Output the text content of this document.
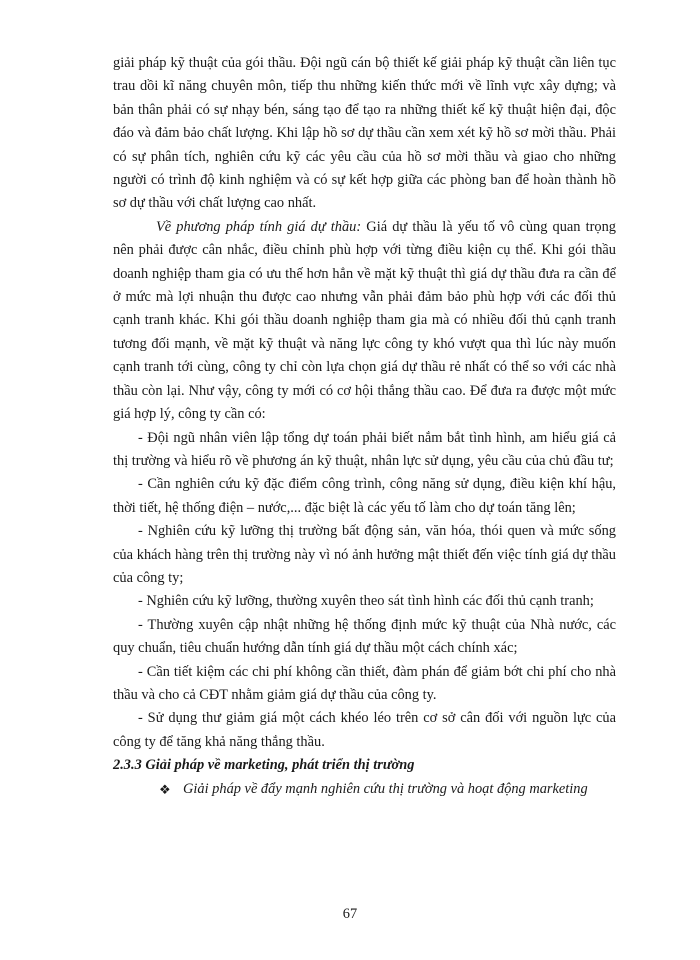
giải pháp kỹ thuật của gói thầu. Đội ngũ cán bộ thiết kế giải pháp kỹ thuật cần liên tục trau dồi kĩ năng chuyên môn, tiếp thu những kiến thức mới về lĩnh vực xây dựng; và bản thân phải có sự nhạy bén, sáng tạo để tạo ra những thiết kế kỹ thuật hiện đại, độc đáo và đảm bảo chất lượng. Khi lập hồ sơ dự thầu cần xem xét kỹ hồ sơ mời thầu. Phải có sự phân tích, nghiên cứu kỹ các yêu cầu của hồ sơ mời thầu và giao cho những người có trình độ kinh nghiệm và có sự kết hợp giữa các phòng ban để hoàn thành hồ sơ dự thầu với chất lượng cao nhất.

Về phương pháp tính giá dự thầu: Giá dự thầu là yếu tố vô cùng quan trọng nên phải được cân nhắc, điều chỉnh phù hợp với từng điều kiện cụ thể. Khi gói thầu doanh nghiệp tham gia có ưu thế hơn hẳn về mặt kỹ thuật thì giá dự thầu đưa ra cần để ở mức mà lợi nhuận thu được cao nhưng vẫn phải đảm bảo phù hợp với các đối thủ cạnh tranh khác. Khi gói thầu doanh nghiệp tham gia mà có nhiều đối thủ cạnh tranh tương đối mạnh, về mặt kỹ thuật và năng lực công ty khó vượt qua thì lúc này muốn cạnh tranh tới cùng, công ty chỉ còn lựa chọn giá dự thầu rẻ nhất có thể so với các nhà thầu còn lại. Như vậy, công ty mới có cơ hội thắng thầu cao. Để đưa ra được một mức giá hợp lý, công ty cần có:

- Đội ngũ nhân viên lập tổng dự toán phải biết nắm bắt tình hình, am hiểu giá cả thị trường và hiểu rõ về phương án kỹ thuật, nhân lực sử dụng, yêu cầu của chủ đầu tư;

- Cần nghiên cứu kỹ đặc điểm công trình, công năng sử dụng, điều kiện khí hậu, thời tiết, hệ thống điện – nước,... đặc biệt là các yếu tố làm cho dự toán tăng lên;

- Nghiên cứu kỹ lưỡng thị trường bất động sản, văn hóa, thói quen và mức sống của khách hàng trên thị trường này vì nó ảnh hưởng mật thiết đến việc tính giá dự thầu của công ty;

- Nghiên cứu kỹ lưỡng, thường xuyên theo sát tình hình các đối thủ cạnh tranh;

- Thường xuyên cập nhật những hệ thống định mức kỹ thuật của Nhà nước, các quy chuẩn, tiêu chuẩn hướng dẫn tính giá dự thầu một cách chính xác;

- Cần tiết kiệm các chi phí không cần thiết, đàm phán để giảm bớt chi phí cho nhà thầu và cho cả CĐT nhằm giảm giá dự thầu của công ty.

- Sử dụng thư giảm giá một cách khéo léo trên cơ sở cân đối với nguồn lực của công ty để tăng khả năng thắng thầu.

2.3.3 Giải pháp về marketing, phát triển thị trường

❖ Giải pháp về đẩy mạnh nghiên cứu thị trường và hoạt động marketing

67
